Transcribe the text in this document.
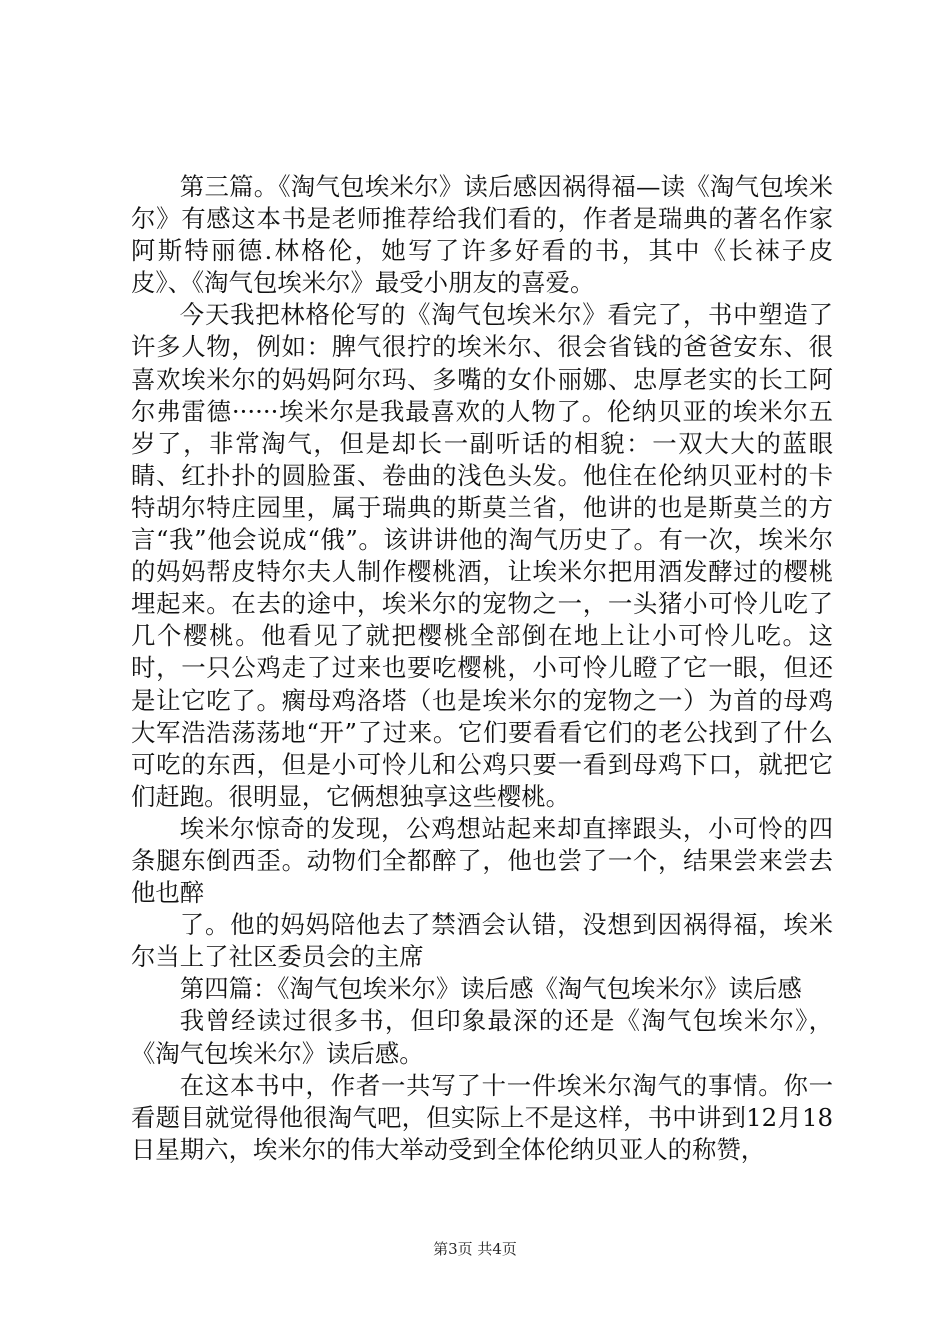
第三篇。《淘气包埃米尔》读后感因祸得福—读《淘气包埃米尔》有感这本书是老师推荐给我们看的，作者是瑞典的著名作家阿斯特丽德.林格伦，她写了许多好看的书，其中《长袜子皮皮》、《淘气包埃米尔》最受小朋友的喜爱。

今天我把林格伦写的《淘气包埃米尔》看完了，书中塑造了许多人物，例如：脾气很拧的埃米尔、很会省钱的爸爸安东、很喜欢埃米尔的妈妈阿尔玛、多嘴的女仆丽娜、忠厚老实的长工阿尔弗雷德······埃米尔是我最喜欢的人物了。伦纳贝亚的埃米尔五岁了，非常淘气，但是却长一副听话的相貌：一双大大的蓝眼睛、红扑扑的圆脸蛋、卷曲的浅色头发。他住在伦纳贝亚村的卡特胡尔特庄园里，属于瑞典的斯莫兰省，他讲的也是斯莫兰的方言“我”他会说成“俄”。该讲讲他的淘气历史了。有一次，埃米尔的妈妈帮皮特尔夫人制作樱桃酒，让埃米尔把用酒发酵过的樱桃埋起来。在去的途中，埃米尔的宠物之一，一头猪小可怜儿吃了几个樱桃。他看见了就把樱桃全部倒在地上让小可怜儿吃。这时，一只公鸡走了过来也要吃樱桃，小可怜儿瞪了它一眼，但还是让它吃了。瘸母鸡洛塔（也是埃米尔的宠物之一）为首的母鸡大军浩浩荡荡地“开”了过来。它们要看看它们的老公找到了什么可吃的东西，但是小可怜儿和公鸡只要一看到母鸡下口，就把它们赶跑。很明显，它俩想独享这些樱桃。

埃米尔惊奇的发现，公鸡想站起来却直摔跟头，小可怜的四条腿东倒西歪。动物们全都醉了，他也尝了一个，结果尝来尝去他也醉

了。他的妈妈陪他去了禁酒会认错，没想到因祸得福，埃米尔当上了社区委员会的主席

第四篇：《淘气包埃米尔》读后感《淘气包埃米尔》读后感

我曾经读过很多书，但印象最深的还是《淘气包埃米尔》，《淘气包埃米尔》读后感。

在这本书中，作者一共写了十一件埃米尔淘气的事情。你一看题目就觉得他很淘气吧，但实际上不是这样，书中讲到12月18日星期六，埃米尔的伟大举动受到全体伦纳贝亚人的称赞，

第3页 共4页
